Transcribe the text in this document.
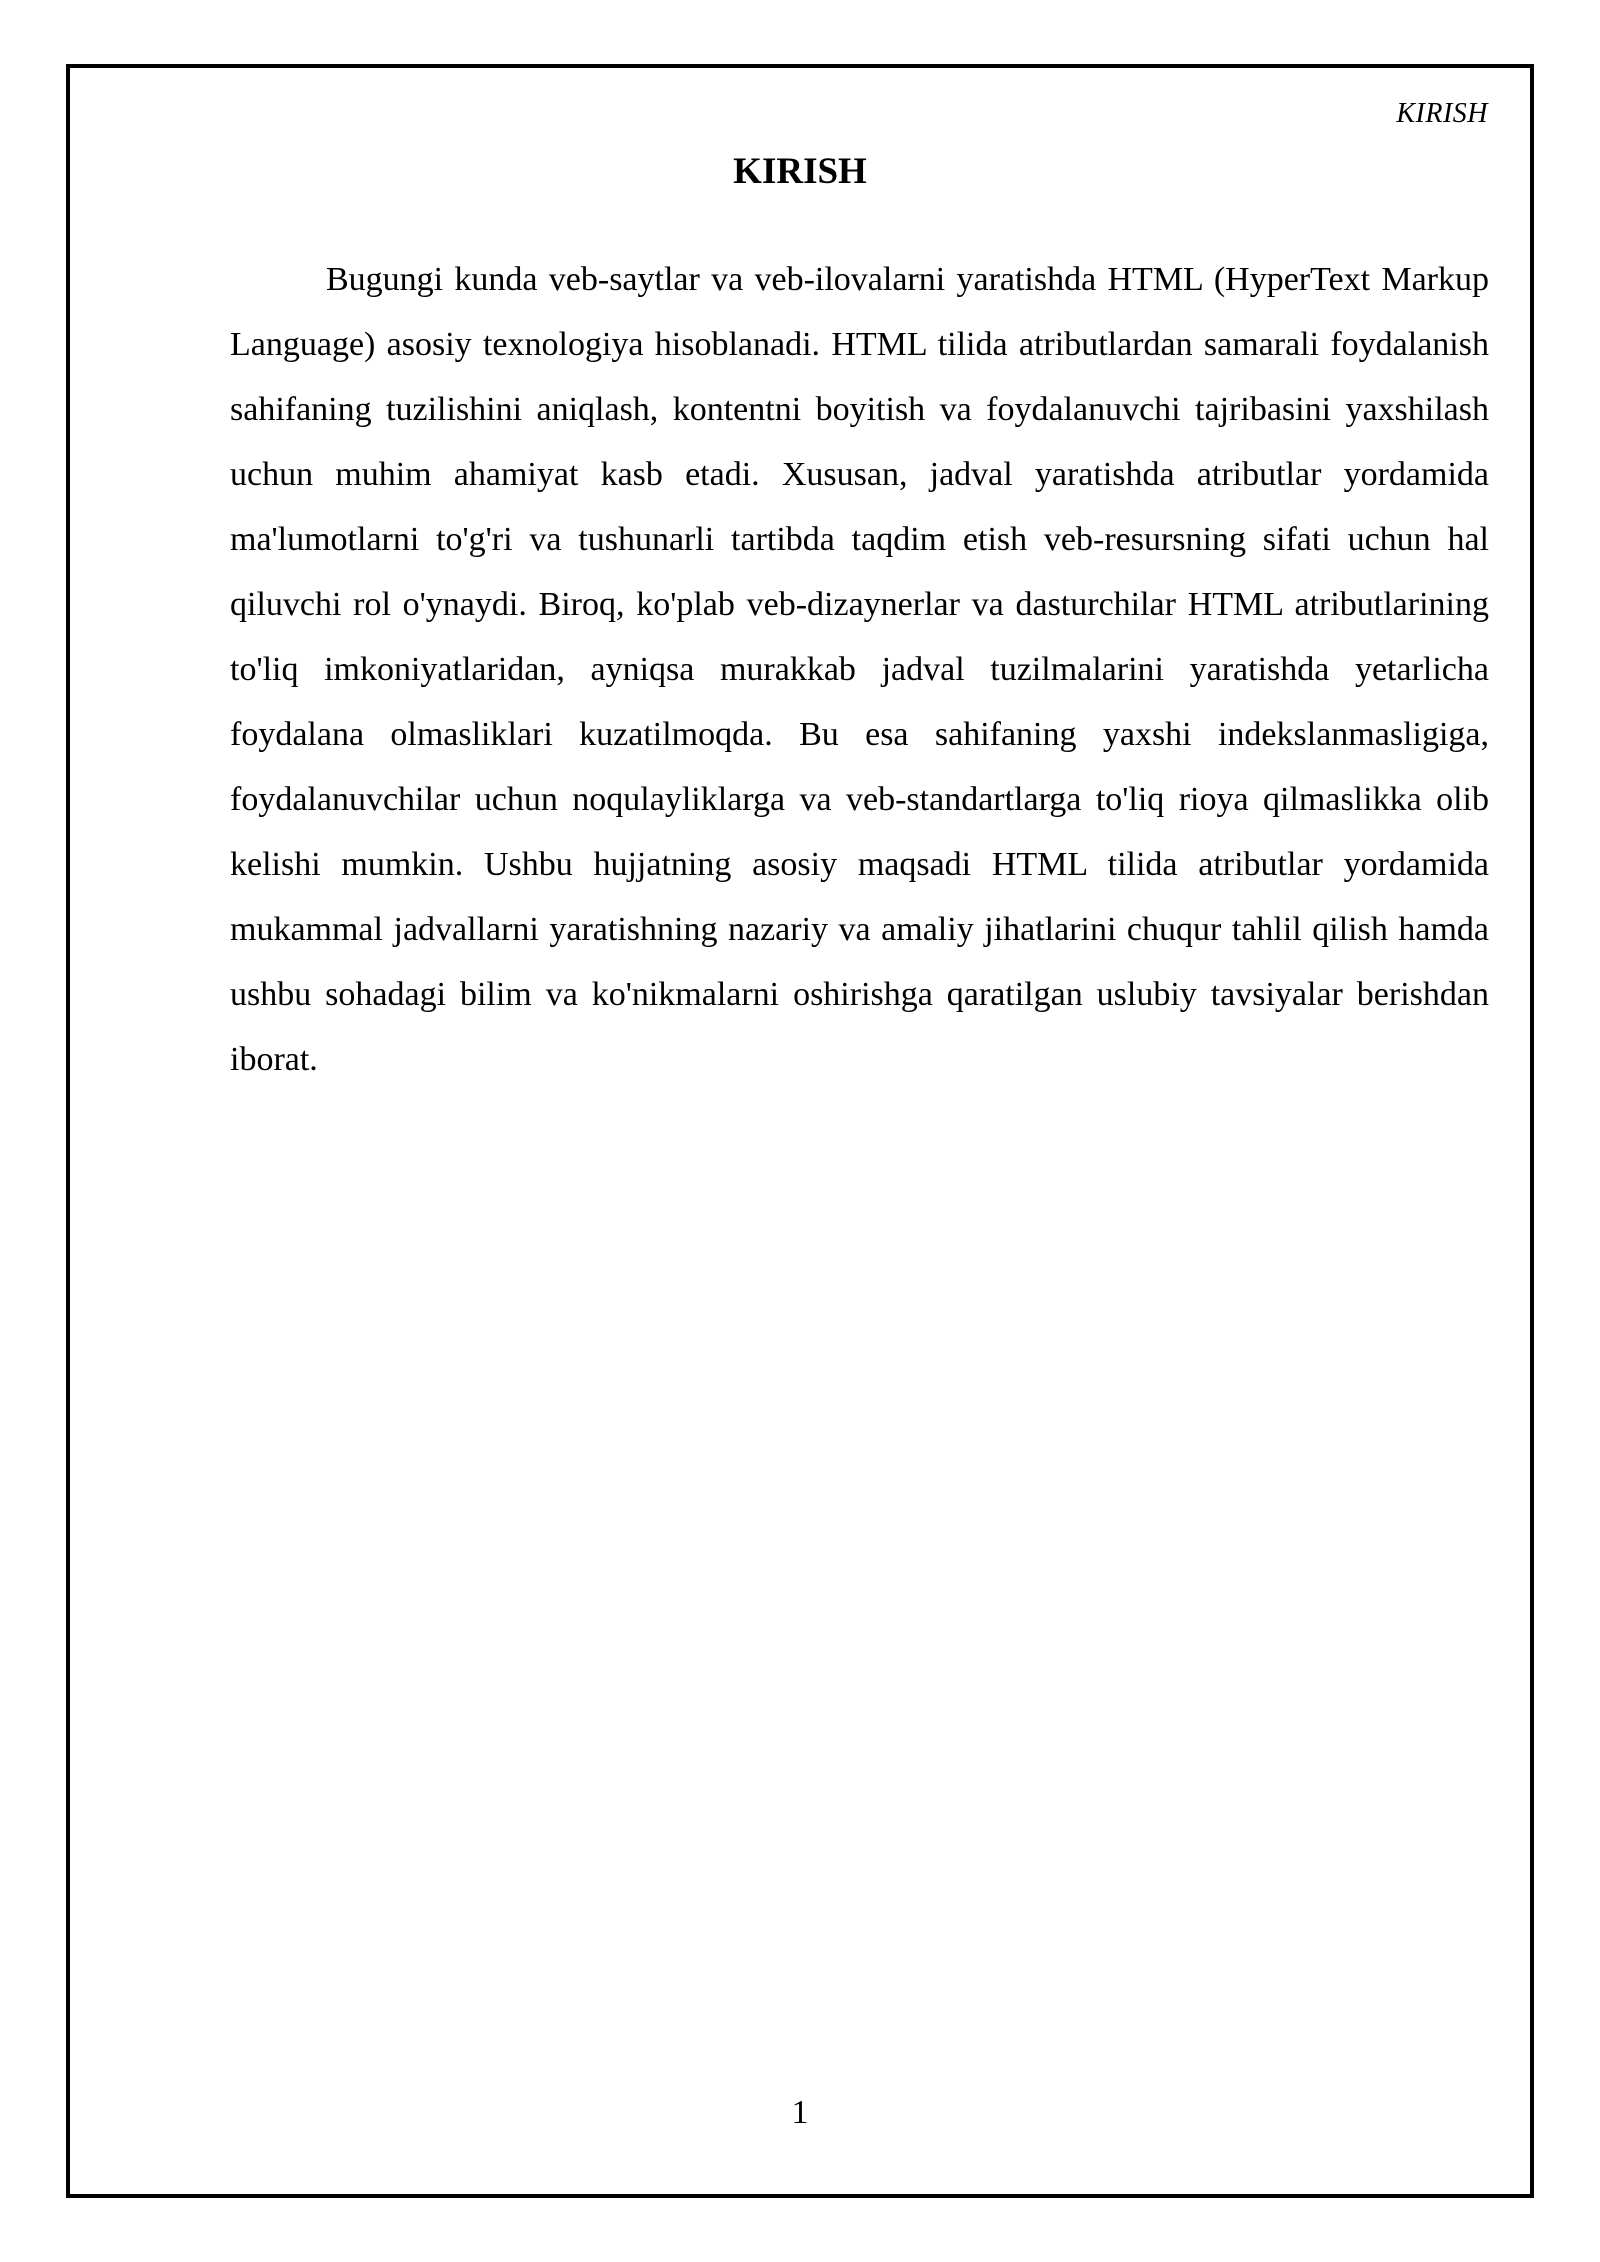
KIRISH
KIRISH

Bugungi kunda veb-saytlar va veb-ilovalarni yaratishda HTML (HyperText Markup Language) asosiy texnologiya hisoblanadi. HTML tilida atributlardan samarali foydalanish sahifaning tuzilishini aniqlash, kontentni boyitish va foydalanuvchi tajribasini yaxshilash uchun muhim ahamiyat kasb etadi. Xususan, jadval yaratishda atributlar yordamida ma'lumotlarni to'g'ri va tushunarli tartibda taqdim etish veb-resursning sifati uchun hal qiluvchi rol o'ynaydi. Biroq, ko'plab veb-dizaynerlar va dasturchilar HTML atributlarining to'liq imkoniyatlaridan, ayniqsa murakkab jadval tuzilmalarini yaratishda yetarlicha foydalana olmasliklari kuzatilmoqda. Bu esa sahifaning yaxshi indekslanmasligiga, foydalanuvchilar uchun noqulayliklarga va veb-standartlarga to'liq rioya qilmaslikka olib kelishi mumkin. Ushbu hujjatning asosiy maqsadi HTML tilida atributlar yordamida mukammal jadvallarni yaratishning nazariy va amaliy jihatlarini chuqur tahlil qilish hamda ushbu sohadagi bilim va ko'nikmalarni oshirishga qaratilgan uslubiy tavsiyalar berishdan iborat.

1
